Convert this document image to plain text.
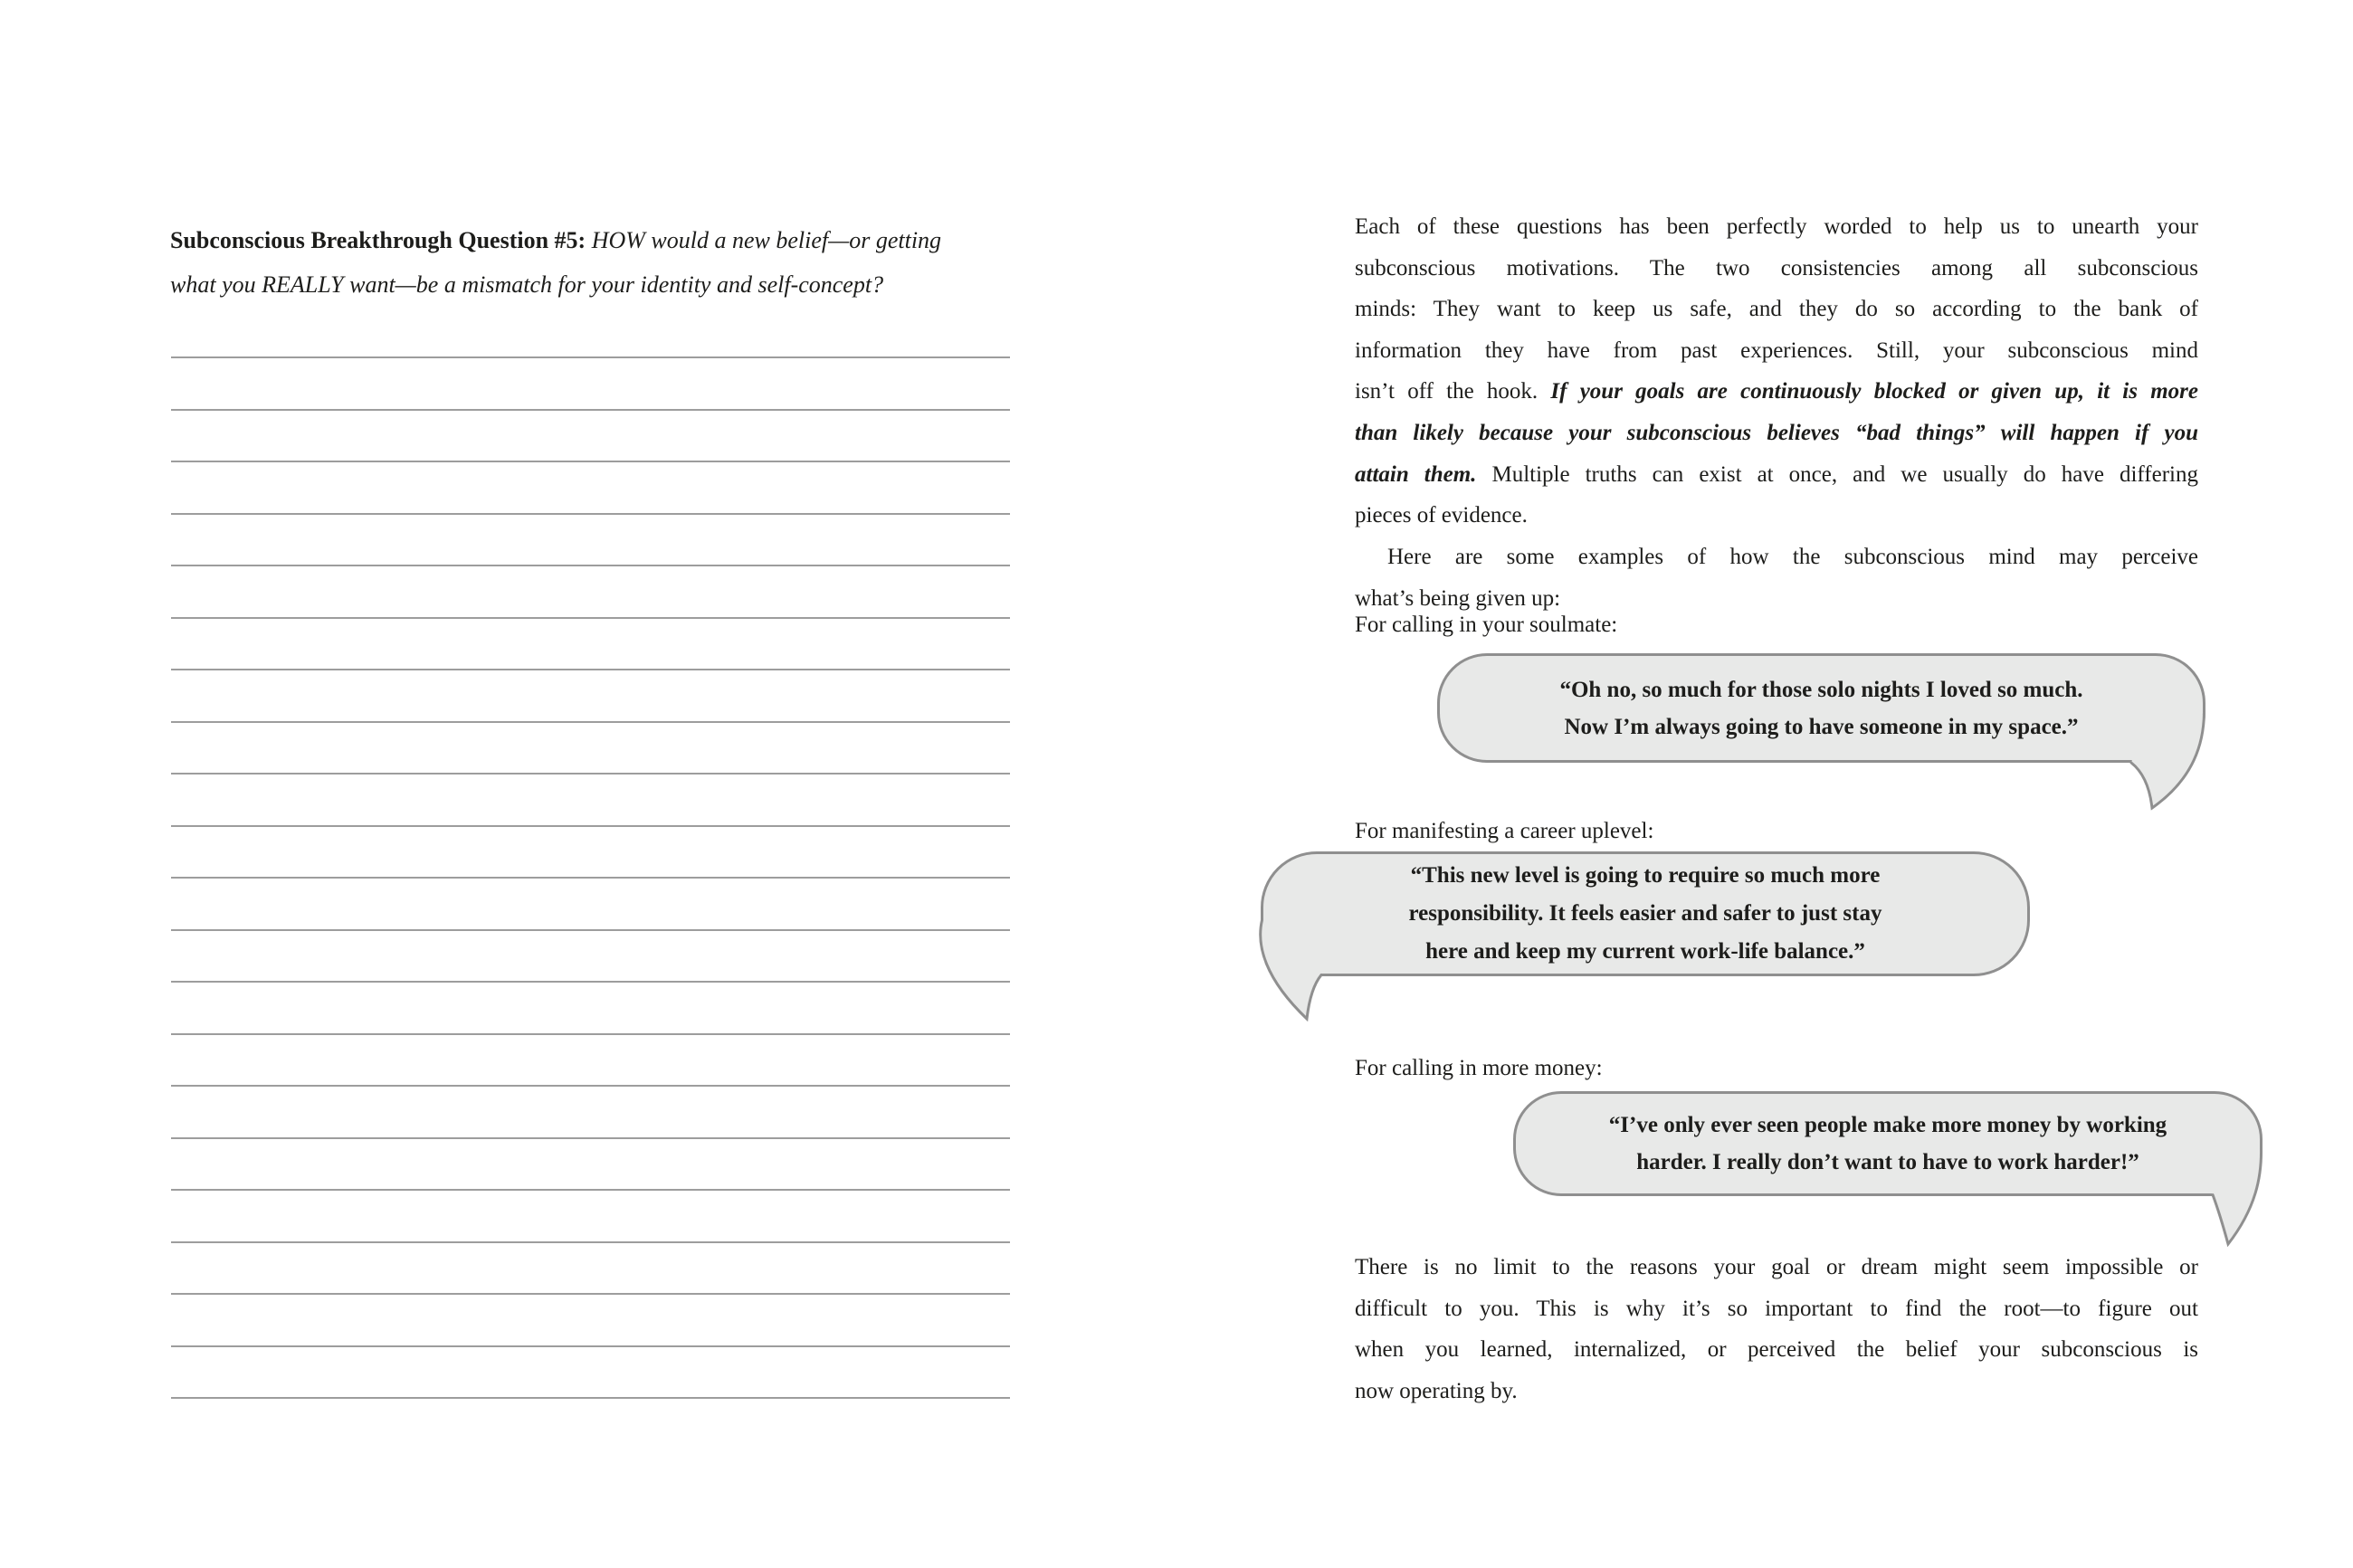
Subconscious Breakthrough Question #5: HOW would a new belief—or getting
what you REALLY want—be a mismatch for your identity and self-concept?

Each of these questions has been perfectly worded to help us to unearth your
subconscious motivations. The two consistencies among all subconscious
minds: They want to keep us safe, and they do so according to the bank of
information they have from past experiences. Still, your subconscious mind
isn’t off the hook. If your goals are continuously blocked or given up, it is more
than likely because your subconscious believes “bad things” will happen if you
attain them. Multiple truths can exist at once, and we usually do have differing
pieces of evidence.
Here are some examples of how the subconscious mind may perceive
what’s being given up:
For calling in your soulmate:
“Oh no, so much for those solo nights I loved so much.
Now I’m always going to have someone in my space.”
For manifesting a career uplevel:
“This new level is going to require so much more
responsibility. It feels easier and safer to just stay
here and keep my current work-life balance.”
For calling in more money:
“I’ve only ever seen people make more money by working
harder. I really don’t want to have to work harder!”
There is no limit to the reasons your goal or dream might seem impossible or
difficult to you. This is why it’s so important to find the root—to figure out
when you learned, internalized, or perceived the belief your subconscious is
now operating by.
